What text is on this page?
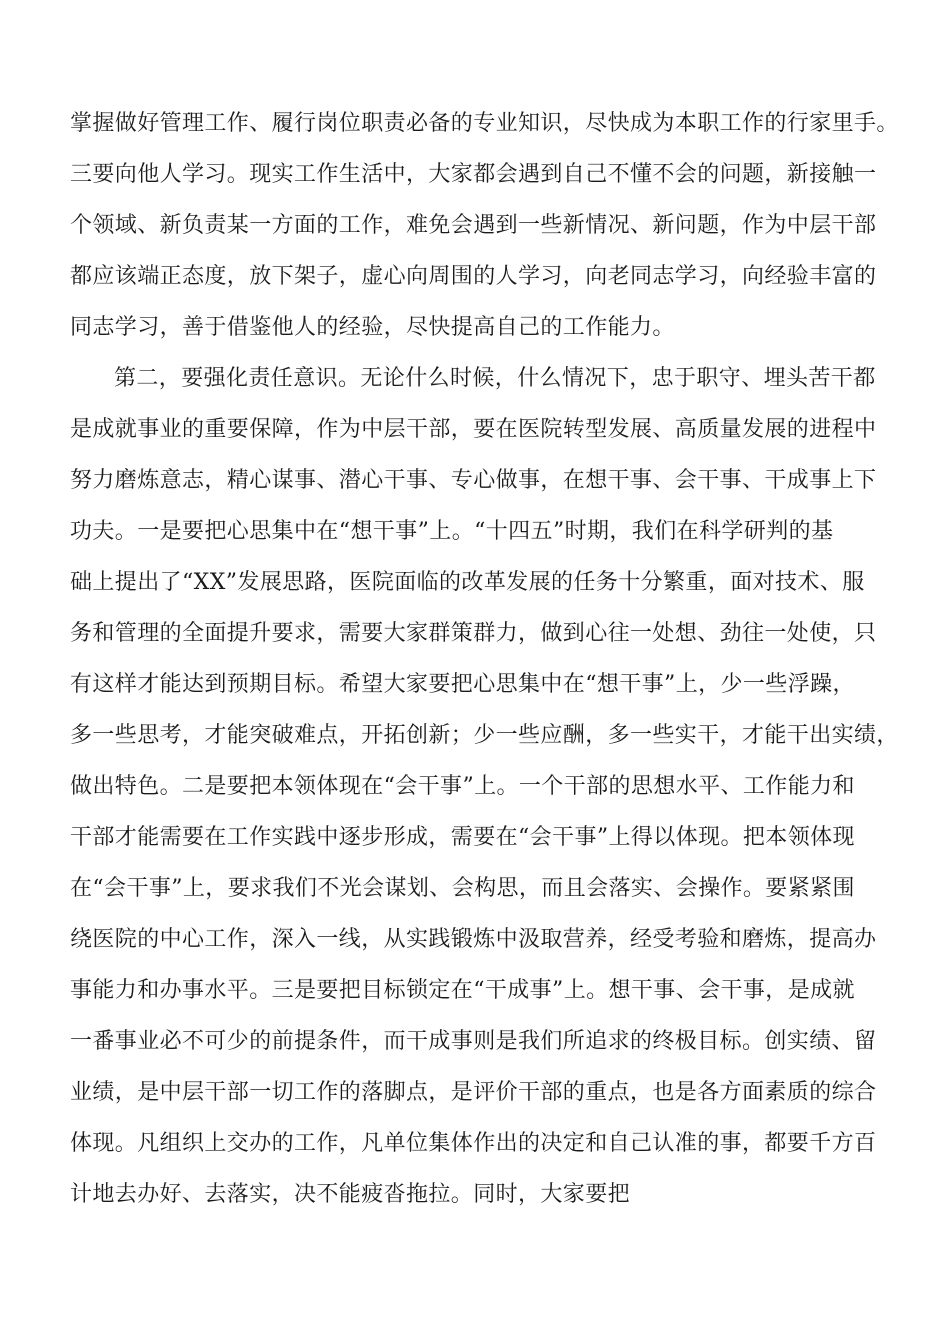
掌握做好管理工作、履行岗位职责必备的专业知识，尽快成为本职工作的行家里手。
三要向他人学习。现实工作生活中，大家都会遇到自己不懂不会的问题，新接触一
个领域、新负责某一方面的工作，难免会遇到一些新情况、新问题，作为中层干部
都应该端正态度，放下架子，虚心向周围的人学习，向老同志学习，向经验丰富的
同志学习，善于借鉴他人的经验，尽快提高自己的工作能力。
第二，要强化责任意识。无论什么时候，什么情况下，忠于职守、埋头苦干都
是成就事业的重要保障，作为中层干部，要在医院转型发展、高质量发展的进程中
努力磨炼意志，精心谋事、潜心干事、专心做事，在想干事、会干事、干成事上下
功夫。一是要把心思集中在“想干事”上。“十四五”时期，我们在科学研判的基
础上提出了“XX”发展思路，医院面临的改革发展的任务十分繁重，面对技术、服
务和管理的全面提升要求，需要大家群策群力，做到心往一处想、劲往一处使，只
有这样才能达到预期目标。希望大家要把心思集中在“想干事”上，少一些浮躁，
多一些思考，才能突破难点，开拓创新；少一些应酬，多一些实干，才能干出实绩，
做出特色。二是要把本领体现在“会干事”上。一个干部的思想水平、工作能力和
干部才能需要在工作实践中逐步形成，需要在“会干事”上得以体现。把本领体现
在“会干事”上，要求我们不光会谋划、会构思，而且会落实、会操作。要紧紧围
绕医院的中心工作，深入一线，从实践锻炼中汲取营养，经受考验和磨炼，提高办
事能力和办事水平。三是要把目标锁定在“干成事”上。想干事、会干事，是成就
一番事业必不可少的前提条件，而干成事则是我们所追求的终极目标。创实绩、留
业绩，是中层干部一切工作的落脚点，是评价干部的重点，也是各方面素质的综合
体现。凡组织上交办的工作，凡单位集体作出的决定和自己认准的事，都要千方百
计地去办好、去落实，决不能疲沓拖拉。同时，大家要把
